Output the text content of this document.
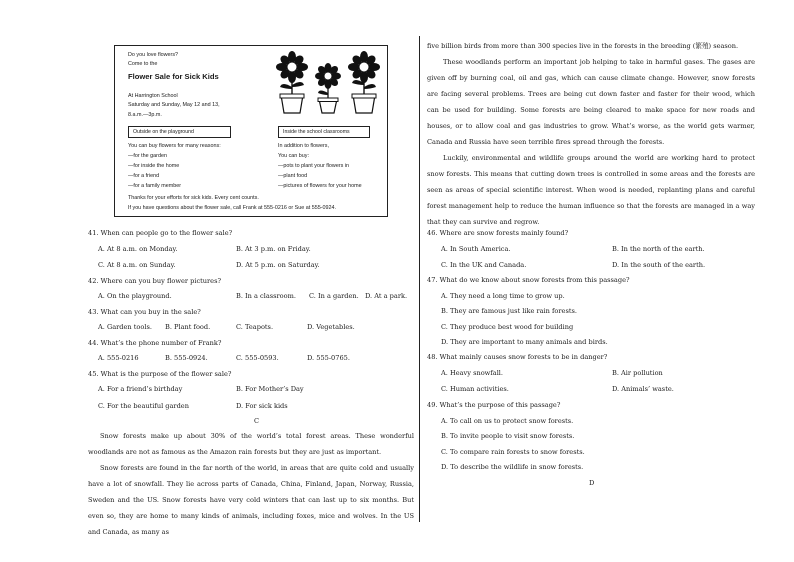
Do you love flowers?
Come to the
Flower Sale for Sick Kids
At Harrington School
Saturday and Sunday, May 12 and 13,
8.a.m.—3p.m.
Outside on the playground	Inside the school classrooms
You can buy flowers for many reasons:
—for the garden
—for inside the home
—for a friend
—for a family member
In addition to flowers,
You can buy:
—pots to plant your flowers in
—plant food
—pictures of flowers for your home
Thanks for your efforts for sick kids. Every cent counts.
If you have questions about the flower sale, call Frank at 555-0216 or Sue at 555-0924.
41. When can people go to the flower sale?
A. At 8 a.m. on Monday.	B. At 3 p.m. on Friday.
C. At 8 a.m. on Sunday.	D. At 5 p.m. on Saturday.
42. Where can you buy flower pictures?
A. On the playground.	B. In a classroom. C. In a garden. D. At a park.
43. What can you buy in the sale?
A. Garden tools. B. Plant food.	C. Teapots.	D. Vegetables.
44. What’s the phone number of Frank?
A. 555-0216	B. 555-0924.	C. 555-0593.	D. 555-0765.
45. What is the purpose of the flower sale?
A. For a friend’s birthday	B. For Mother’s Day
C. For the beautiful garden	D. For sick kids
C

Snow forests make up about 30% of the world’s total forest areas. These wonderful woodlands are not as famous as the Amazon rain forests but they are just as important.

Snow forests are found in the far north of the world, in areas that are quite cold and usually have a lot of snowfall. They lie across parts of Canada, China, Finland, Japan, Norway, Russia, Sweden and the US. Snow forests have very cold winters that can last up to six months. But even so, they are home to many kinds of animals, including foxes, mice and wolves. In the US and Canada, as many as

five billion birds from more than 300 species live in the forests in the breeding (繁殖) season.

These woodlands perform an important job helping to take in harmful gases. The gases are given off by burning coal, oil and gas, which can cause climate change. However, snow forests are facing several problems. Trees are being cut down faster and faster for their wood, which can be used for building. Some forests are being cleared to make space for new roads and houses, or to allow coal and gas industries to grow. What’s worse, as the world gets warmer, Canada and Russia have seen terrible fires spread through the forests.

Luckily, environmental and wildlife groups around the world are working hard to protect snow forests. This means that cutting down trees is controlled in some areas and the forests are seen as areas of special scientific interest. When wood is needed, replanting plans and careful forest management help to reduce the human influence so that the forests are managed in a way that they can survive and regrow.

46. Where are snow forests mainly found?
A. In South America.	B. In the north of the earth.
C. In the UK and Canada.	D. In the south of the earth.
47. What do we know about snow forests from this passage?
A. They need a long time to grow up.
B. They are famous just like rain forests.
C. They produce best wood for building
D. They are important to many animals and birds.
48. What mainly causes snow forests to be in danger?
A. Heavy snowfall.	B. Air pollution
C. Human activities.	D. Animals’ waste.
49. What’s the purpose of this passage?
A. To call on us to protect snow forests.
B. To invite people to visit snow forests.
C. To compare rain forests to snow forests.
D. To describe the wildlife in snow forests.
D
